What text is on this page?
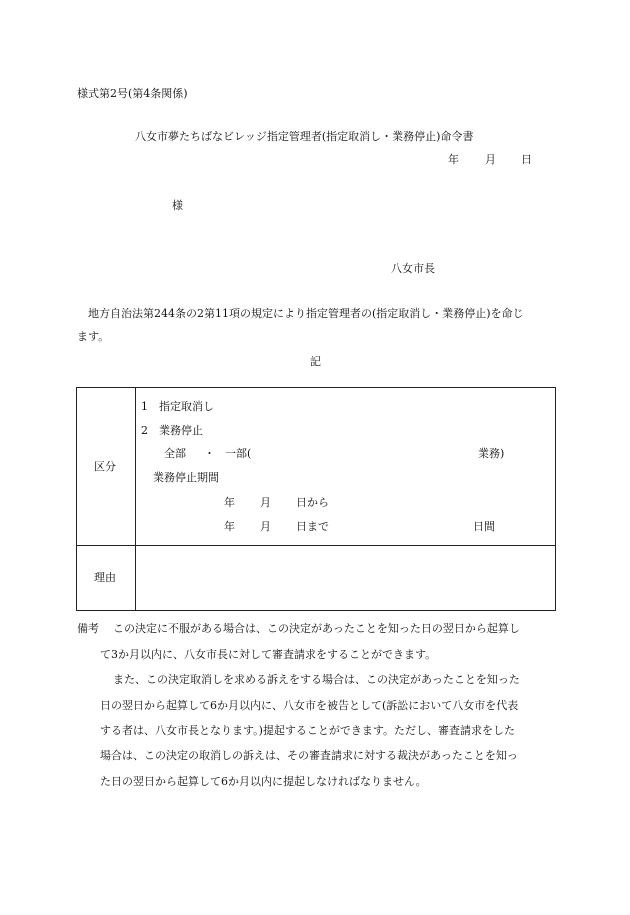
様式第2号(第4条関係)
八女市夢たちばなビレッジ指定管理者(指定取消し・業務停止)命令書
年 月 日
様
八女市長
地方自治法第244条の2第11項の規定により指定管理者の(指定取消し・業務停止)を命じ
ます。
記
区分
1　指定取消し
2　業務停止
全部 ・ 一部(	業務)
業務停止期間
年 月 日から
年 月 日まで	日間
理由
備考 この決定に不服がある場合は、この決定があったことを知った日の翌日から起算し
て3か月以内に、八女市長に対して審査請求をすることができます。
また、この決定取消しを求める訴えをする場合は、この決定があったことを知った
日の翌日から起算して6か月以内に、八女市を被告として(訴訟において八女市を代表
する者は、八女市長となります。)提起することができます。ただし、審査請求をした
場合は、この決定の取消しの訴えは、その審査請求に対する裁決があったことを知っ
た日の翌日から起算して6か月以内に提起しなければなりません。
